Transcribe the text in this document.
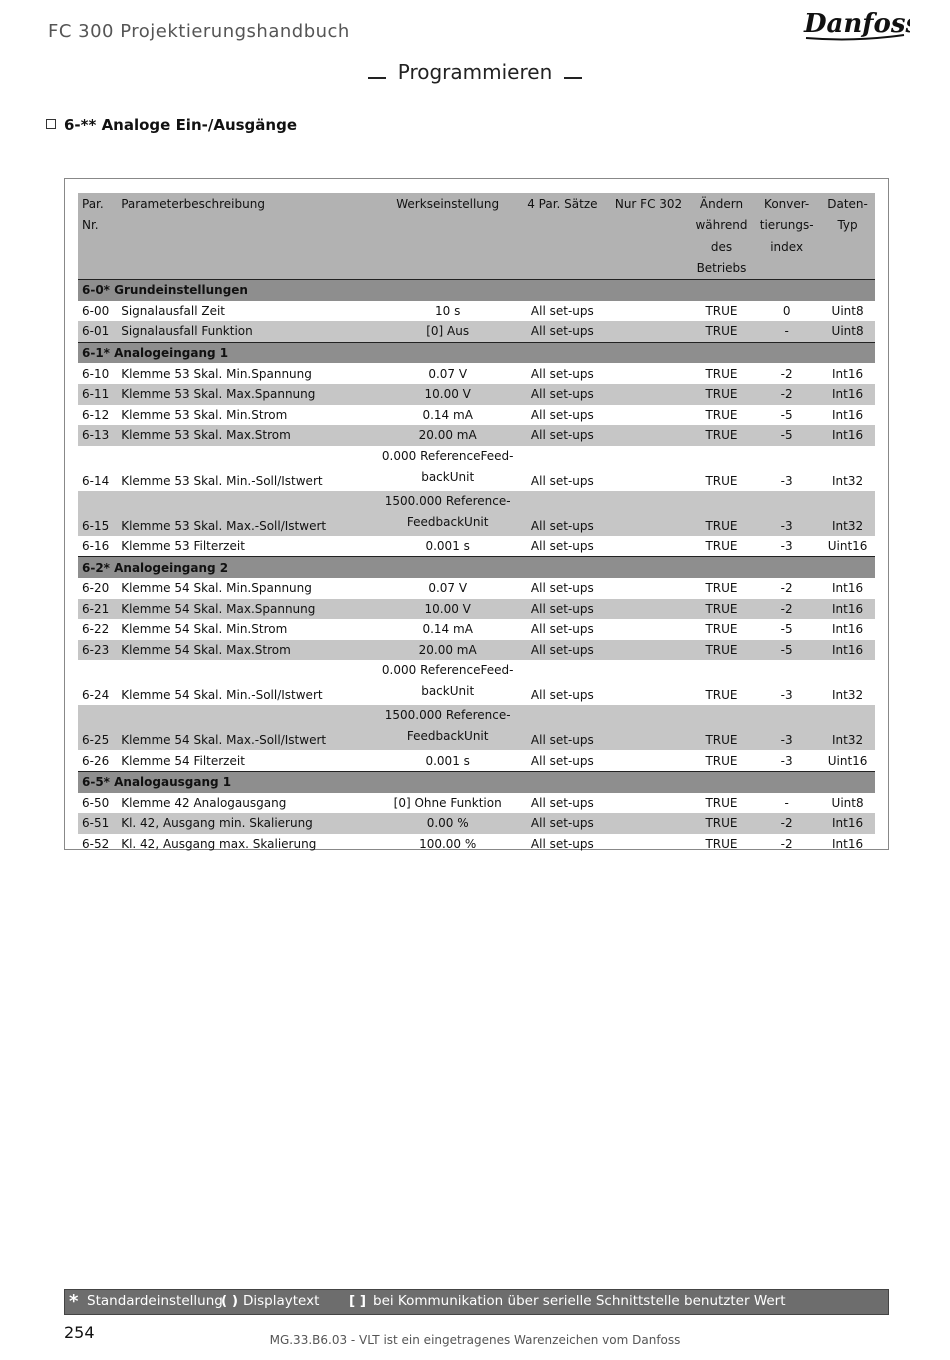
FC 300 Projektierungshandbuch	Danfoss
Programmieren
6-** Analoge Ein-/Ausgänge
Par.	Parameterbeschreibung	Werkseinstellung	4 Par. Sätze	Nur FC 302	Ändern	Konver-	Daten-
Nr.					während	tierungs-	Typ
					des	index	
					Betriebs		
6-0* Grundeinstellungen							
6-00	Signalausfall Zeit	10 s	All set-ups		TRUE	0	Uint8
6-01	Signalausfall Funktion	[0] Aus	All set-ups		TRUE	-	Uint8
6-1* Analogeingang 1							
6-10	Klemme 53 Skal. Min.Spannung	0.07 V	All set-ups		TRUE	-2	Int16
6-11	Klemme 53 Skal. Max.Spannung	10.00 V	All set-ups		TRUE	-2	Int16
6-12	Klemme 53 Skal. Min.Strom	0.14 mA	All set-ups		TRUE	-5	Int16
6-13	Klemme 53 Skal. Max.Strom	20.00 mA	All set-ups		TRUE	-5	Int16
6-14	Klemme 53 Skal. Min.-Soll/Istwert	0.000 ReferenceFeed-
backUnit	All set-ups		TRUE	-3	Int32
6-15	Klemme 53 Skal. Max.-Soll/Istwert	1500.000 Reference-
FeedbackUnit	All set-ups		TRUE	-3	Int32
6-16	Klemme 53 Filterzeit	0.001 s	All set-ups		TRUE	-3	Uint16
6-2* Analogeingang 2							
6-20	Klemme 54 Skal. Min.Spannung	0.07 V	All set-ups		TRUE	-2	Int16
6-21	Klemme 54 Skal. Max.Spannung	10.00 V	All set-ups		TRUE	-2	Int16
6-22	Klemme 54 Skal. Min.Strom	0.14 mA	All set-ups		TRUE	-5	Int16
6-23	Klemme 54 Skal. Max.Strom	20.00 mA	All set-ups		TRUE	-5	Int16
6-24	Klemme 54 Skal. Min.-Soll/Istwert	0.000 ReferenceFeed-
backUnit	All set-ups		TRUE	-3	Int32
6-25	Klemme 54 Skal. Max.-Soll/Istwert	1500.000 Reference-
FeedbackUnit	All set-ups		TRUE	-3	Int32
6-26	Klemme 54 Filterzeit	0.001 s	All set-ups		TRUE	-3	Uint16
6-5* Analogausgang 1							
6-50	Klemme 42 Analogausgang	[0] Ohne Funktion	All set-ups		TRUE	-	Uint8
6-51	Kl. 42, Ausgang min. Skalierung	0.00 %	All set-ups		TRUE	-2	Int16
6-52	Kl. 42, Ausgang max. Skalierung	100.00 %	All set-ups		TRUE	-2	Int16
* Standardeinstellung
( ) Displaytext [ ] bei Kommunikation über serielle Schnittstelle benutzter Wert
254	MG.33.B6.03 - VLT ist ein eingetragenes Warenzeichen vom Danfoss
